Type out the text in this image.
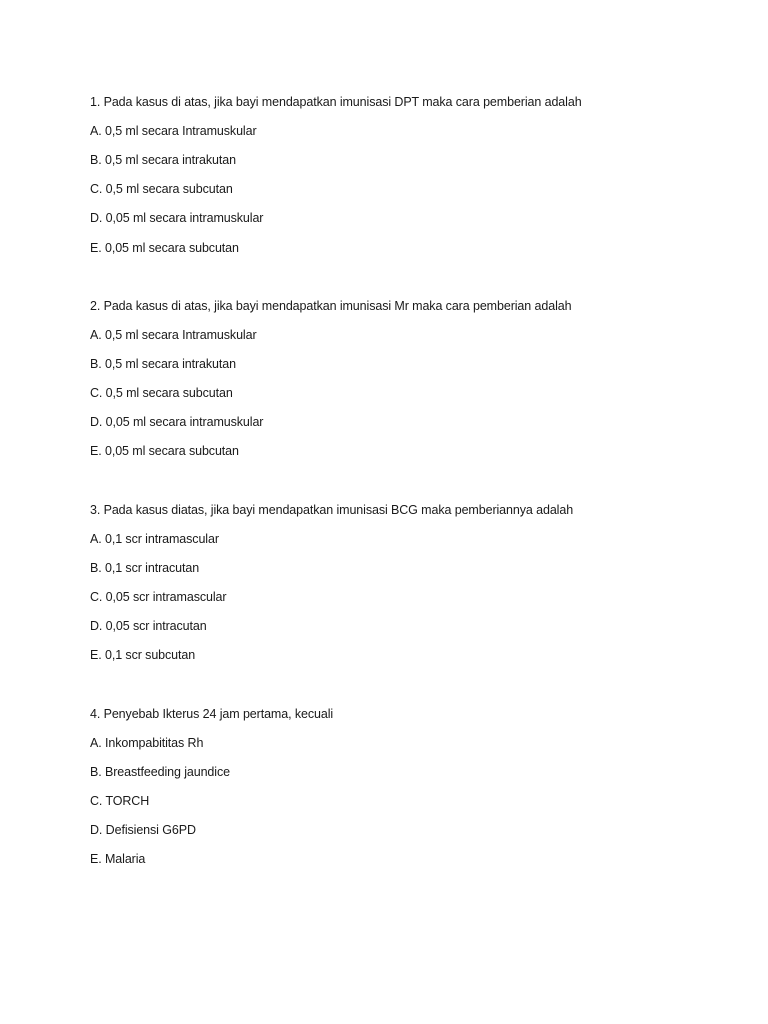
1. Pada kasus di atas, jika bayi mendapatkan imunisasi DPT maka cara pemberian adalah
A. 0,5 ml secara Intramuskular
B. 0,5 ml secara intrakutan
C. 0,5 ml secara subcutan
D. 0,05 ml secara intramuskular
E. 0,05 ml secara subcutan
2. Pada kasus di atas, jika bayi mendapatkan imunisasi Mr maka cara pemberian adalah
A. 0,5 ml secara Intramuskular
B. 0,5 ml secara intrakutan
C. 0,5 ml secara subcutan
D. 0,05 ml secara intramuskular
E. 0,05 ml secara subcutan
3. Pada kasus diatas, jika bayi mendapatkan imunisasi BCG maka pemberiannya adalah
A. 0,1 scr intramascular
B. 0,1 scr intracutan
C. 0,05 scr intramascular
D. 0,05 scr intracutan
E. 0,1 scr subcutan
4. Penyebab Ikterus 24 jam pertama, kecuali
A. Inkompabititas Rh
B. Breastfeeding jaundice
C. TORCH
D. Defisiensi G6PD
E. Malaria
